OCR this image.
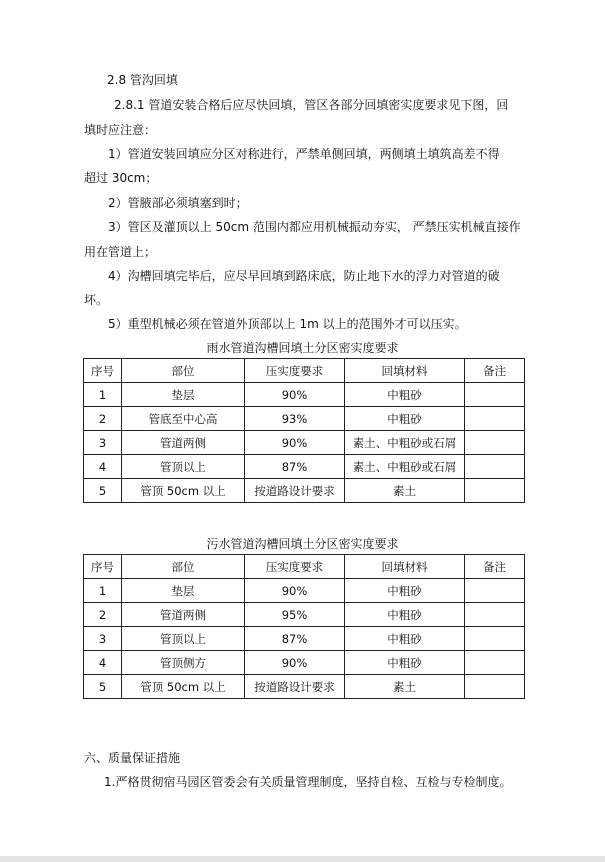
2.8 管沟回填
2.8.1 管道安装合格后应尽快回填，管区各部分回填密实度要求见下图，回
填时应注意：
1）管道安装回填应分区对称进行，严禁单侧回填，两侧填土填筑高差不得
超过 30cm；
2）管腋部必须填塞到时；
3）管区及灌顶以上 50cm 范围内都应用机械振动夯实， 严禁压实机械直接作
用在管道上；
4）沟槽回填完毕后，应尽早回填到路床底，防止地下水的浮力对管道的破
坏。
5）重型机械必须在管道外顶部以上 1m 以上的范围外才可以压实。
雨水管道沟槽回填土分区密实度要求
序号	部位	压实度要求	回填材料	备注
1	垫层	90%	中粗砂	
2	管底至中心高	93%	中粗砂	
3	管道两侧	90%	素土、中粗砂或石屑	
4	管顶以上	87%	素土、中粗砂或石屑	
5	管顶 50cm 以上	按道路设计要求	素土	
污水管道沟槽回填土分区密实度要求
序号	部位	压实度要求	回填材料	备注
1	垫层	90%	中粗砂	
2	管道两侧	95%	中粗砂	
3	管顶以上	87%	中粗砂	
4	管顶侧方	90%	中粗砂	
5	管顶 50cm 以上	按道路设计要求	素土	
六、质量保证措施
1.严格贯彻宿马园区管委会有关质量管理制度，坚持自检、互检与专检制度。
